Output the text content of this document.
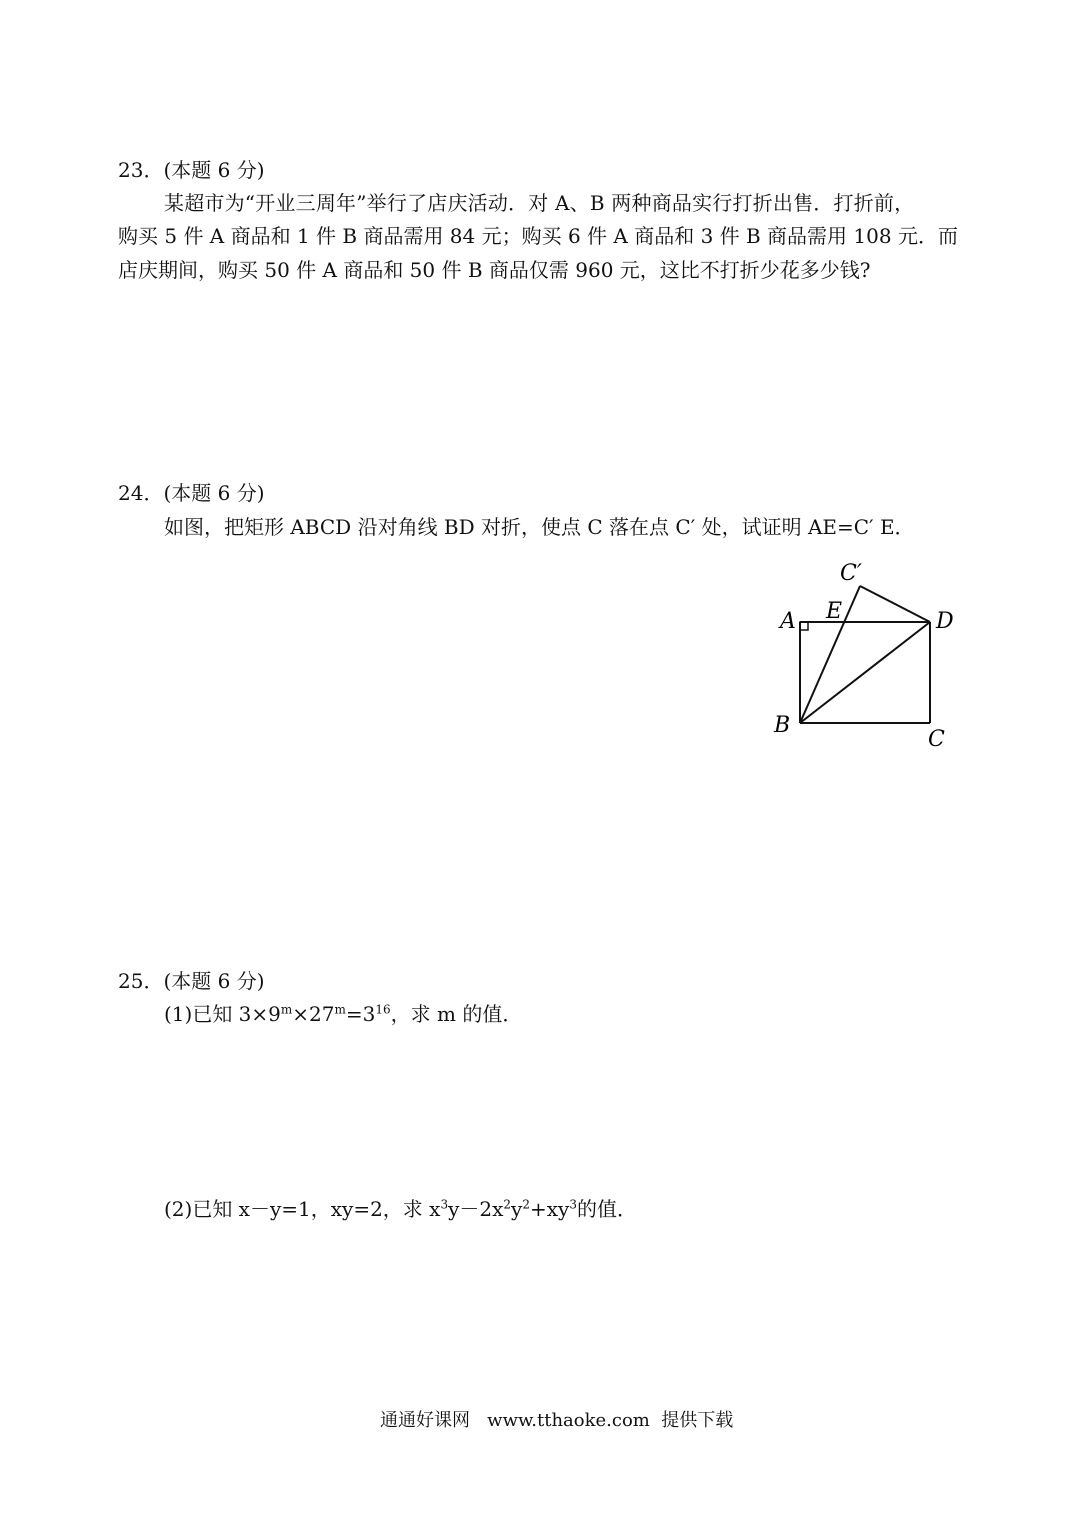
23．(本题 6 分)
某超市为“开业三周年”举行了店庆活动．对 A、B 两种商品实行打折出售．打折前，
购买 5 件 A 商品和 1 件 B 商品需用 84 元；购买 6 件 A 商品和 3 件 B 商品需用 108 元．而
店庆期间，购买 50 件 A 商品和 50 件 B 商品仅需 960 元，这比不打折少花多少钱?
24．(本题 6 分)
如图，把矩形 ABCD 沿对角线 BD 对折，使点 C 落在点 C′ 处，试证明 AE=C′ E．
A E
C′
D
B
C
25．(本题 6 分)
(1)已知 $3\times 9^m\times 27^m=3^{16}$，求 m 的值．
(2)已知 x－y=1，xy=2，求 $x^3y-2x^2y^2+xy^3$的值．
通通好课网   www.tthaoke.com  提供下载
